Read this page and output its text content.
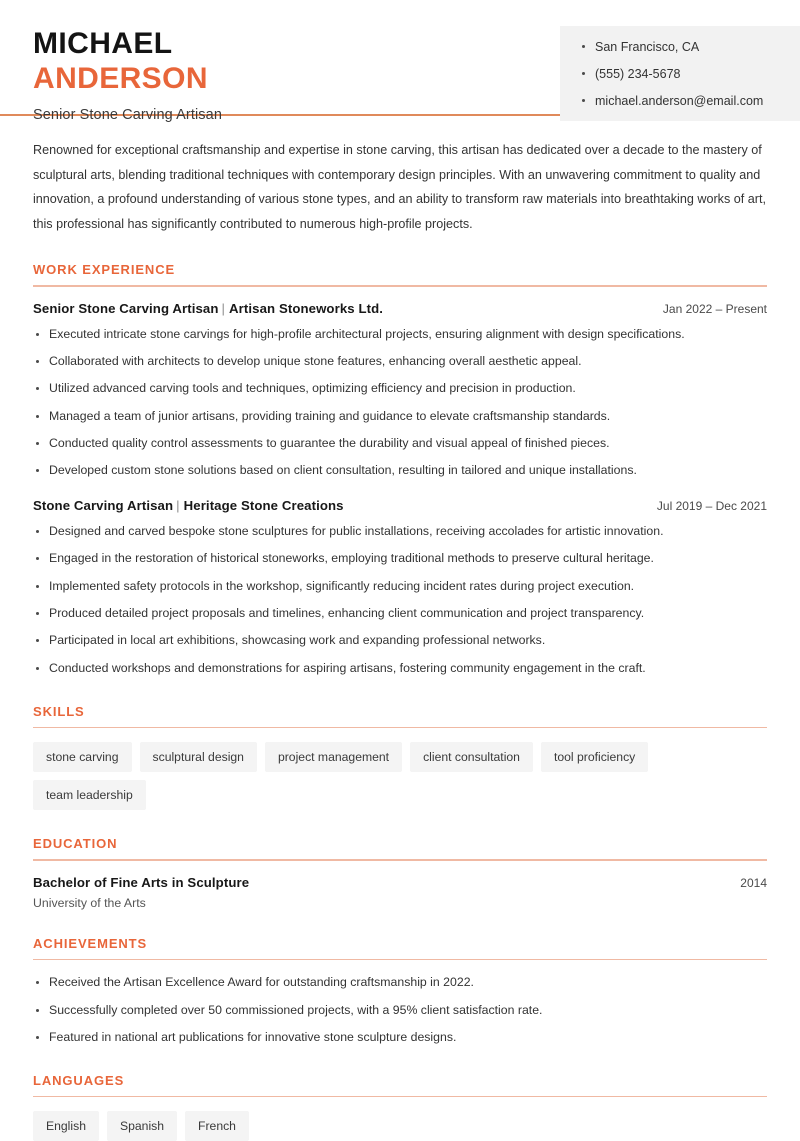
MICHAEL
ANDERSON
Senior Stone Carving Artisan
San Francisco, CA
(555) 234-5678
michael.anderson@email.com

Renowned for exceptional craftsmanship and expertise in stone carving, this artisan has dedicated over a decade to the mastery of sculptural arts, blending traditional techniques with contemporary design principles. With an unwavering commitment to quality and innovation, a profound understanding of various stone types, and an ability to transform raw materials into breathtaking works of art, this professional has significantly contributed to numerous high-profile projects.

WORK EXPERIENCE
Senior Stone Carving Artisan | Artisan Stoneworks Ltd.	Jan 2022 – Present
Executed intricate stone carvings for high-profile architectural projects, ensuring alignment with design specifications.
Collaborated with architects to develop unique stone features, enhancing overall aesthetic appeal.
Utilized advanced carving tools and techniques, optimizing efficiency and precision in production.
Managed a team of junior artisans, providing training and guidance to elevate craftsmanship standards.
Conducted quality control assessments to guarantee the durability and visual appeal of finished pieces.
Developed custom stone solutions based on client consultation, resulting in tailored and unique installations.
Stone Carving Artisan | Heritage Stone Creations	Jul 2019 – Dec 2021
Designed and carved bespoke stone sculptures for public installations, receiving accolades for artistic innovation.
Engaged in the restoration of historical stoneworks, employing traditional methods to preserve cultural heritage.
Implemented safety protocols in the workshop, significantly reducing incident rates during project execution.
Produced detailed project proposals and timelines, enhancing client communication and project transparency.
Participated in local art exhibitions, showcasing work and expanding professional networks.
Conducted workshops and demonstrations for aspiring artisans, fostering community engagement in the craft.
SKILLS
stone carving	sculptural design	project management	client consultation	tool proficiency
team leadership
EDUCATION
Bachelor of Fine Arts in Sculpture	2014
University of the Arts
ACHIEVEMENTS
Received the Artisan Excellence Award for outstanding craftsmanship in 2022.
Successfully completed over 50 commissioned projects, with a 95% client satisfaction rate.
Featured in national art publications for innovative stone sculpture designs.
LANGUAGES
English	Spanish	French
